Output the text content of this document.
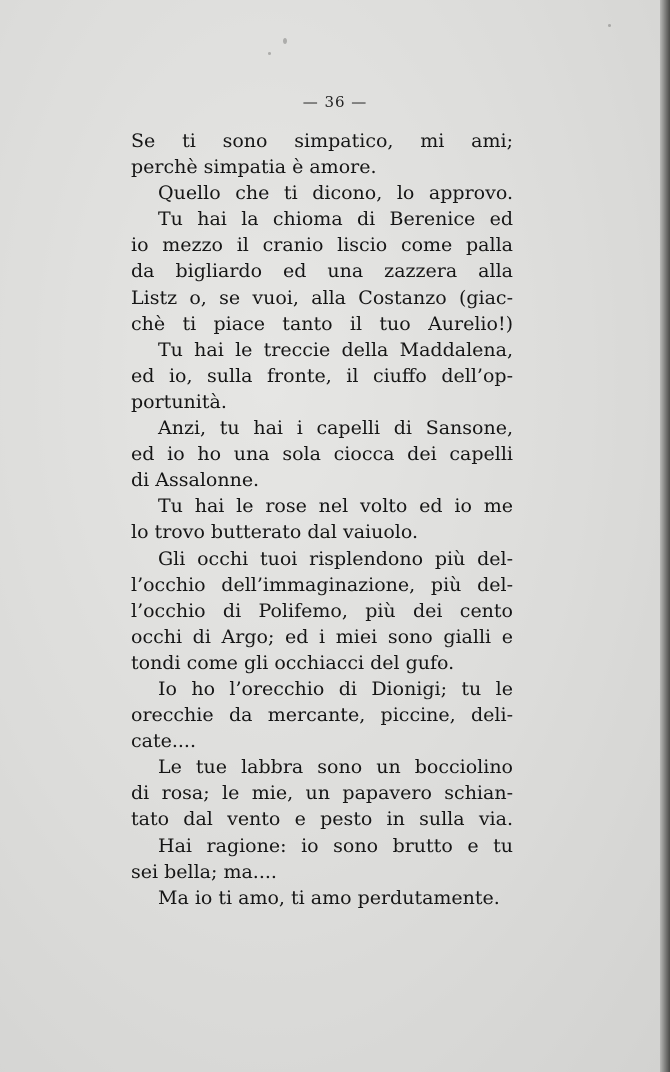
— 36 —
Se ti sono simpatico, mi ami;
perchè simpatia è amore.
Quello che ti dicono, lo approvo.
Tu hai la chioma di Berenice ed
io mezzo il cranio liscio come palla
da bigliardo ed una zazzera alla
Listz o, se vuoi, alla Costanzo (giac-
chè ti piace tanto il tuo Aurelio!)
Tu hai le treccie della Maddalena,
ed io, sulla fronte, il ciuffo dell’op-
portunità.
Anzi, tu hai i capelli di Sansone,
ed io ho una sola ciocca dei capelli
di Assalonne.
Tu hai le rose nel volto ed io me
lo trovo butterato dal vaiuolo.
Gli occhi tuoi risplendono più del-
l’occhio dell’immaginazione, più del-
l’occhio di Polifemo, più dei cento
occhi di Argo; ed i miei sono gialli e
tondi come gli occhiacci del gufo.
Io ho l’orecchio di Dionigi; tu le
orecchie da mercante, piccine, deli-
cate....
Le tue labbra sono un bocciolino
di rosa; le mie, un papavero schian-
tato dal vento e pesto in sulla via.
Hai ragione: io sono brutto e tu
sei bella; ma....
Ma io ti amo, ti amo perdutamente.
